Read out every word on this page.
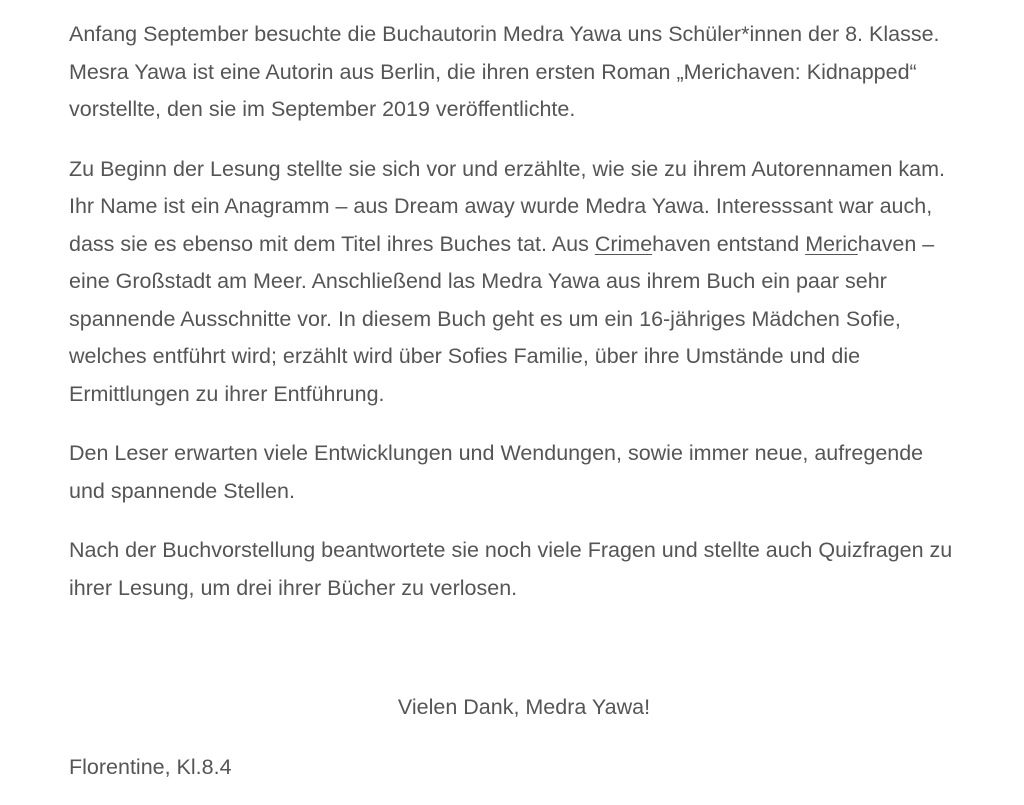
Anfang September besuchte die Buchautorin Medra Yawa uns Schüler*innen der 8. Klasse. Mesra Yawa ist eine Autorin aus Berlin, die ihren ersten Roman „Merichaven: Kidnapped“ vorstellte, den sie im September 2019 veröffentlichte.

Zu Beginn der Lesung stellte sie sich vor und erzählte, wie sie zu ihrem Autorennamen kam. Ihr Name ist ein Anagramm – aus Dream away wurde Medra Yawa. Interesssant war auch, dass sie es ebenso mit dem Titel ihres Buches tat. Aus Crimehaven entstand Merichaven – eine Großstadt am Meer. Anschließend las Medra Yawa aus ihrem Buch ein paar sehr spannende Ausschnitte vor. In diesem Buch geht es um ein 16-jähriges Mädchen Sofie, welches entführt wird; erzählt wird über Sofies Familie, über ihre Umstände und die Ermittlungen zu ihrer Entführung.

Den Leser erwarten viele Entwicklungen und Wendungen, sowie immer neue, aufregende und spannende Stellen.

Nach der Buchvorstellung beantwortete sie noch viele Fragen und stellte auch Quizfragen zu ihrer Lesung, um drei ihrer Bücher zu verlosen.

Vielen Dank, Medra Yawa!
Florentine, Kl.8.4
